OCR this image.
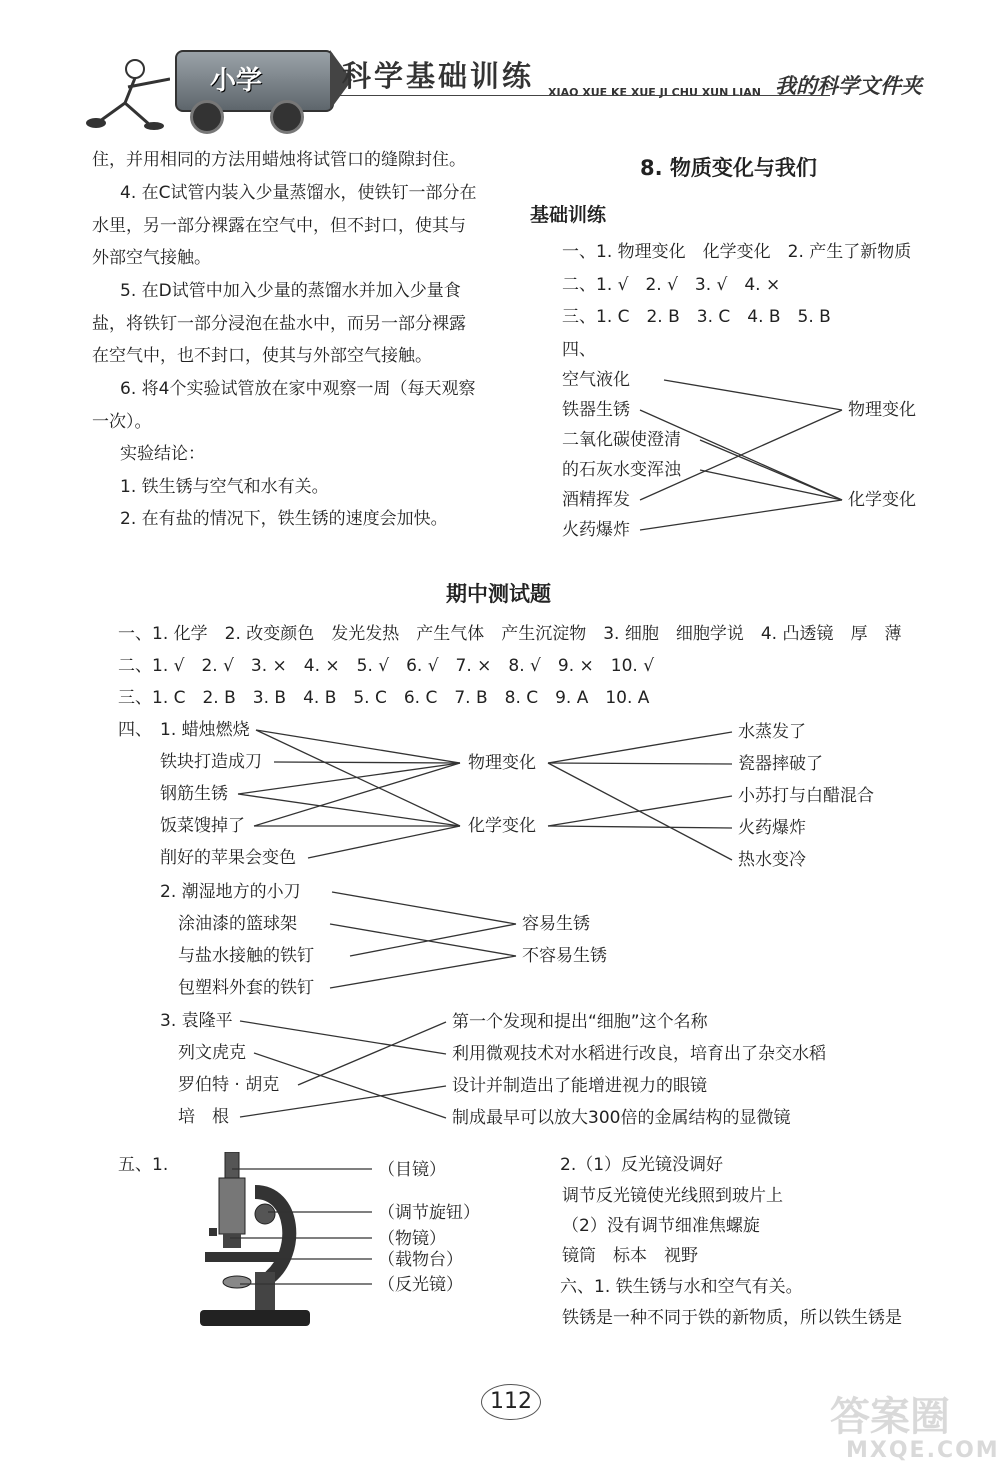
小学	科学基础训练 XIAO XUE KE XUE JI CHU XUN LIAN 我的科学文件夹
住，并用相同的方法用蜡烛将试管口的缝隙封住。
4. 在C试管内装入少量蒸馏水，使铁钉一部分在
水里，另一部分裸露在空气中，但不封口，使其与
外部空气接触。
5. 在D试管中加入少量的蒸馏水并加入少量食
盐，将铁钉一部分浸泡在盐水中，而另一部分裸露
在空气中，也不封口，使其与外部空气接触。
6. 将4个实验试管放在家中观察一周（每天观察
一次）。
实验结论：
1. 铁生锈与空气和水有关。
2. 在有盐的情况下，铁生锈的速度会加快。
8. 物质变化与我们
基础训练
一、1. 物理变化　化学变化　2. 产生了新物质
二、1. √　2. √　3. √　4. ×
三、1. C　2. B　3. C　4. B　5. B
四、
空气液化
铁器生锈
二氧化碳使澄清
的石灰水变浑浊
酒精挥发
火药爆炸
物理变化
化学变化
期中测试题
一、1. 化学　2. 改变颜色　发光发热　产生气体　产生沉淀物　3. 细胞　细胞学说　4. 凸透镜　厚　薄
二、1. √　2. √　3. ×　4. ×　5. √　6. √　7. ×　8. √　9. ×　10. √
三、1. C　2. B　3. B　4. B　5. C　6. C　7. B　8. C　9. A　10. A
四、 1. 蜡烛燃烧
铁块打造成刀
钢筋生锈
饭菜馊掉了
削好的苹果会变色
物理变化
化学变化
水蒸发了
瓷器摔破了
小苏打与白醋混合
火药爆炸
热水变冷
2. 潮湿地方的小刀
涂油漆的篮球架
与盐水接触的铁钉
包塑料外套的铁钉
容易生锈
不容易生锈
3. 袁隆平
列文虎克
罗伯特 · 胡克
培　根
第一个发现和提出“细胞”这个名称
利用微观技术对水稻进行改良，培育出了杂交水稻
设计并制造出了能增进视力的眼镜
制成最早可以放大300倍的金属结构的显微镜
五、1.	（目镜）
（调节旋钮）
（物镜）
（载物台）
（反光镜）
2.（1）反光镜没调好
调节反光镜使光线照到玻片上
（2）没有调节细准焦螺旋
镜筒　标本　视野
六、1. 铁生锈与水和空气有关。
铁锈是一种不同于铁的新物质，所以铁生锈是
112	答案圈
MXQE.COM
